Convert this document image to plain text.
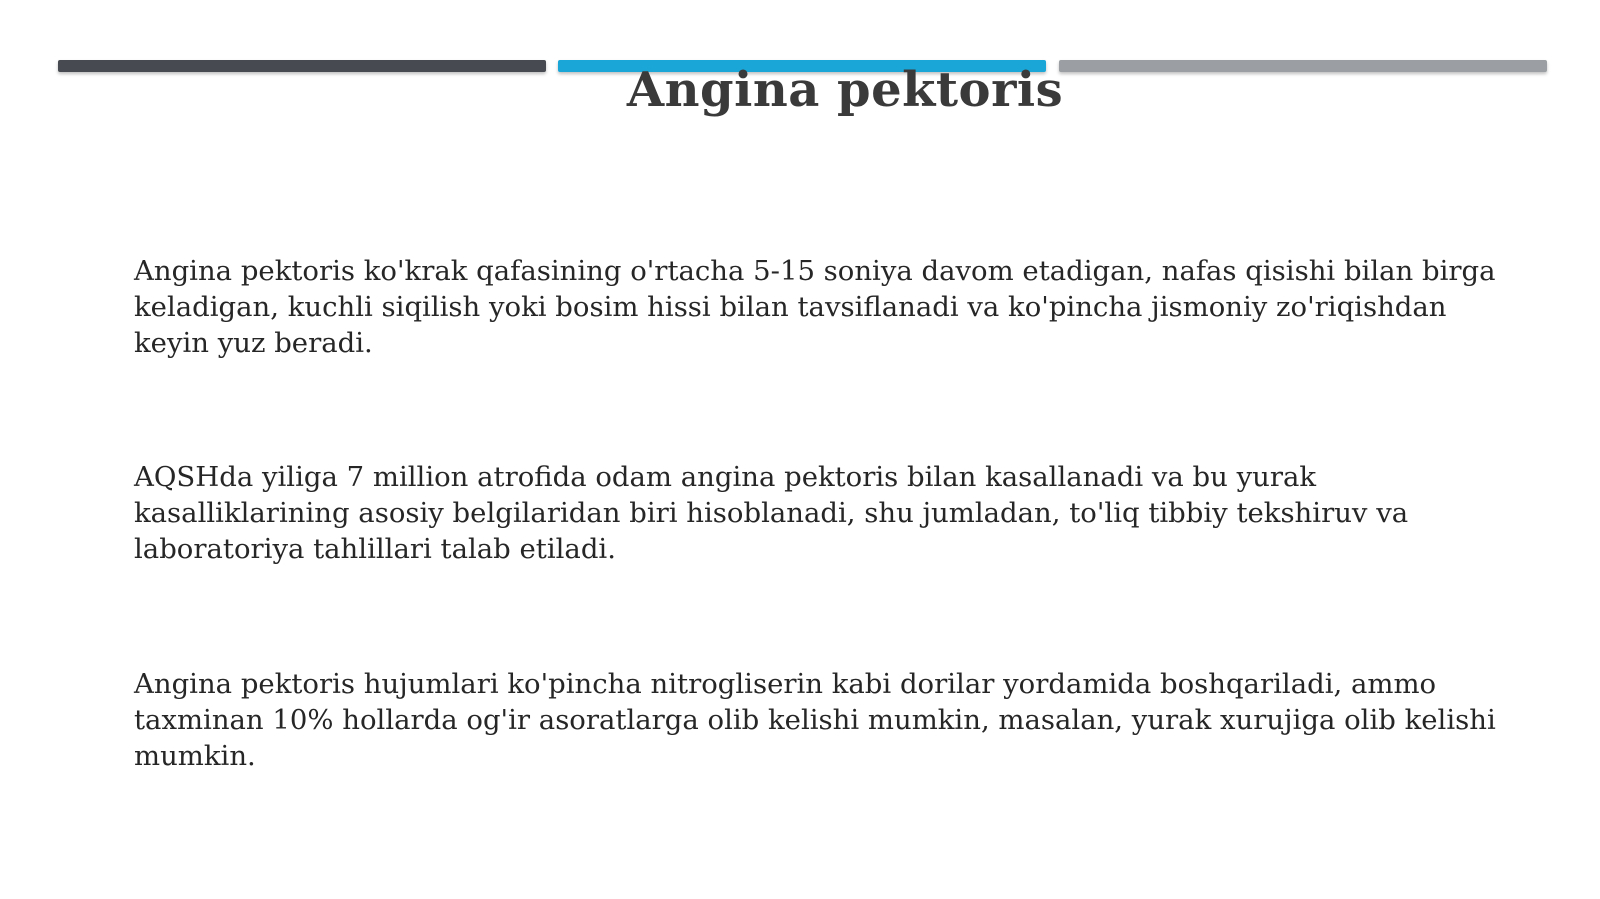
Angina pektoris

Angina pektoris ko'krak qafasining o'rtacha 5-15 soniya davom etadigan, nafas qisishi bilan birga keladigan, kuchli siqilish yoki bosim hissi bilan tavsiflanadi va ko'pincha jismoniy zo'riqishdan keyin yuz beradi.

AQSHda yiliga 7 million atrofida odam angina pektoris bilan kasallanadi va bu yurak kasalliklarining asosiy belgilaridan biri hisoblanadi, shu jumladan, to'liq tibbiy tekshiruv va laboratoriya tahlillari talab etiladi.

Angina pektoris hujumlari ko'pincha nitrogliserin kabi dorilar yordamida boshqariladi, ammo taxminan 10% hollarda og'ir asoratlarga olib kelishi mumkin, masalan, yurak xurujiga olib kelishi mumkin.
